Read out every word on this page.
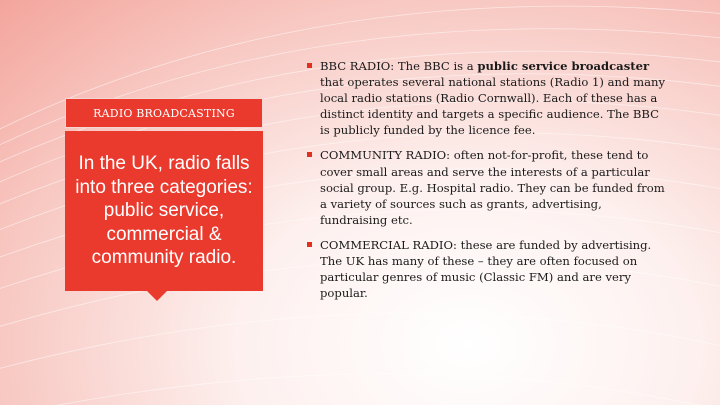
RADIO BROADCASTING
In the UK, radio falls into three categories: public service, commercial & community radio.
BBC RADIO: The BBC is a public service broadcaster that operates several national stations (Radio 1) and many local radio stations (Radio Cornwall). Each of these has a distinct identity and targets a specific audience. The BBC is publicly funded by the licence fee.
COMMUNITY RADIO: often not-for-profit, these tend to cover small areas and serve the interests of a particular social group. E.g. Hospital radio. They can be funded from a variety of sources such as grants, advertising, fundraising etc.
COMMERCIAL RADIO: these are funded by advertising. The UK has many of these – they are often focused on particular genres of music (Classic FM) and are very popular.
